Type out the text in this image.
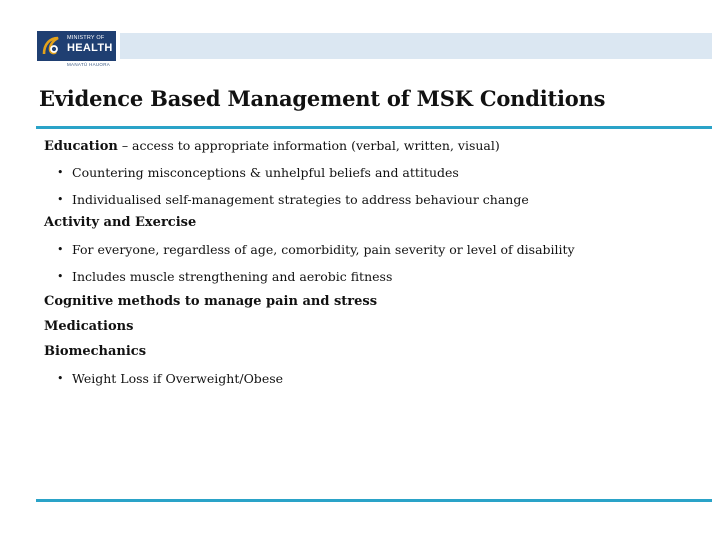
MINISTRY OF
HEALTH
MANATŪ HAUORA
Evidence Based Management of MSK Conditions

Education – access to appropriate information (verbal, written, visual)

• Countering misconceptions & unhelpful beliefs and attitudes
• Individualised self-management strategies to address behaviour change

Activity and Exercise

• For everyone, regardless of age, comorbidity, pain severity or level of disability
• Includes muscle strengthening and aerobic fitness

Cognitive methods to manage pain and stress

Medications

Biomechanics

• Weight Loss if Overweight/Obese
